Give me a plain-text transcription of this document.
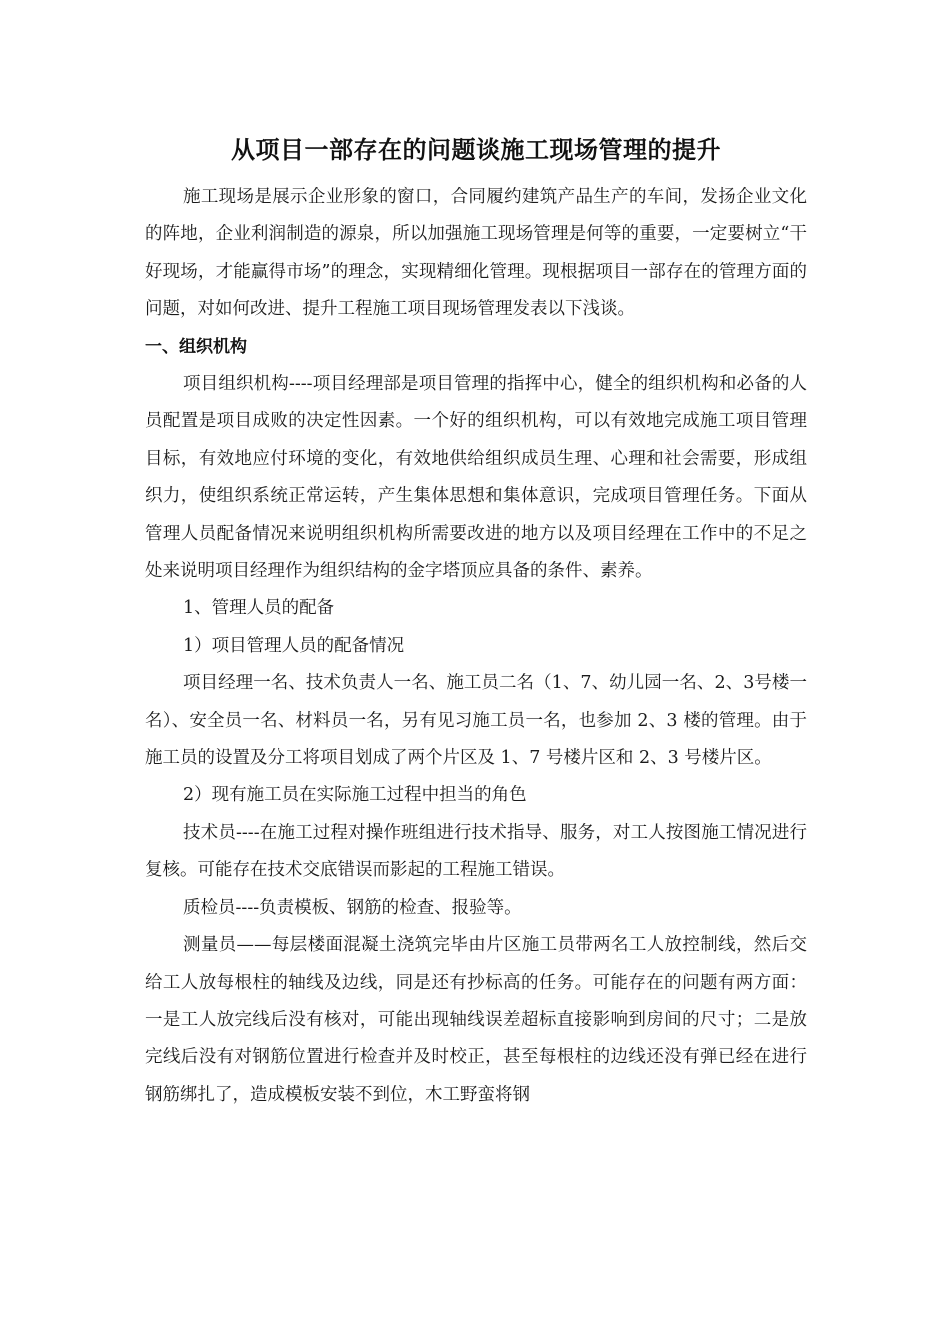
从项目一部存在的问题谈施工现场管理的提升

施工现场是展示企业形象的窗口，合同履约建筑产品生产的车间，发扬企业文化的阵地，企业利润制造的源泉，所以加强施工现场管理是何等的重要，一定要树立“干好现场，才能赢得市场”的理念，实现精细化管理。现根据项目一部存在的管理方面的问题，对如何改进、提升工程施工项目现场管理发表以下浅谈。

一、组织机构

项目组织机构----项目经理部是项目管理的指挥中心，健全的组织机构和必备的人员配置是项目成败的决定性因素。一个好的组织机构，可以有效地完成施工项目管理目标，有效地应付环境的变化，有效地供给组织成员生理、心理和社会需要，形成组织力，使组织系统正常运转，产生集体思想和集体意识，完成项目管理任务。下面从管理人员配备情况来说明组织机构所需要改进的地方以及项目经理在工作中的不足之处来说明项目经理作为组织结构的金字塔顶应具备的条件、素养。

1、管理人员的配备

1）项目管理人员的配备情况

项目经理一名、技术负责人一名、施工员二名（1、7、幼儿园一名、2、3号楼一名）、安全员一名、材料员一名，另有见习施工员一名，也参加 2、3 楼的管理。由于施工员的设置及分工将项目划成了两个片区及 1、7 号楼片区和 2、3 号楼片区。

2）现有施工员在实际施工过程中担当的角色

技术员----在施工过程对操作班组进行技术指导、服务，对工人按图施工情况进行复核。可能存在技术交底错误而影起的工程施工错误。

质检员----负责模板、钢筋的检查、报验等。

测量员——每层楼面混凝土浇筑完毕由片区施工员带两名工人放控制线，然后交给工人放每根柱的轴线及边线，同是还有抄标高的任务。可能存在的问题有两方面：一是工人放完线后没有核对，可能出现轴线误差超标直接影响到房间的尺寸；二是放完线后没有对钢筋位置进行检查并及时校正，甚至每根柱的边线还没有弹已经在进行钢筋绑扎了，造成模板安装不到位，木工野蛮将钢
